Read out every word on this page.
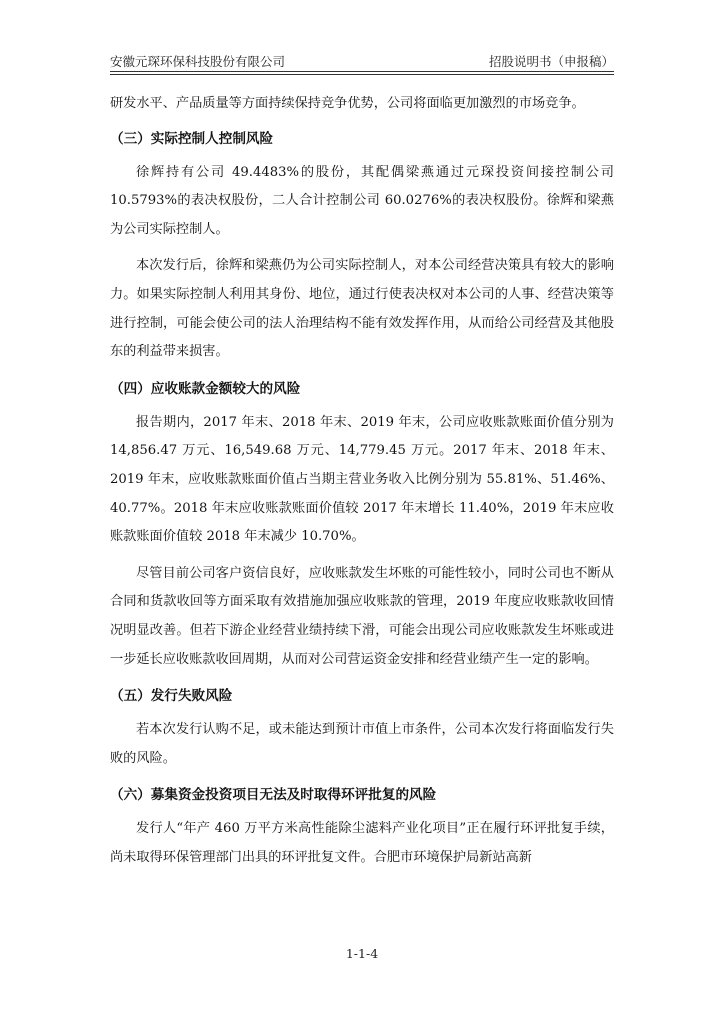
安徽元琛环保科技股份有限公司	招股说明书（申报稿）

研发水平、产品质量等方面持续保持竞争优势，公司将面临更加激烈的市场竞争。

（三）实际控制人控制风险

徐辉持有公司 49.4483%的股份，其配偶梁燕通过元琛投资间接控制公司 10.5793%的表决权股份，二人合计控制公司 60.0276%的表决权股份。徐辉和梁燕为公司实际控制人。

本次发行后，徐辉和梁燕仍为公司实际控制人，对本公司经营决策具有较大的影响力。如果实际控制人利用其身份、地位，通过行使表决权对本公司的人事、经营决策等进行控制，可能会使公司的法人治理结构不能有效发挥作用，从而给公司经营及其他股东的利益带来损害。

（四）应收账款金额较大的风险

报告期内，2017 年末、2018 年末、2019 年末，公司应收账款账面价值分别为 14,856.47 万元、16,549.68 万元、14,779.45 万元。2017 年末、2018 年末、2019 年末，应收账款账面价值占当期主营业务收入比例分别为 55.81%、51.46%、40.77%。2018 年末应收账款账面价值较 2017 年末增长 11.40%，2019 年末应收账款账面价值较 2018 年末减少 10.70%。

尽管目前公司客户资信良好，应收账款发生坏账的可能性较小，同时公司也不断从合同和货款收回等方面采取有效措施加强应收账款的管理，2019 年度应收账款收回情况明显改善。但若下游企业经营业绩持续下滑，可能会出现公司应收账款发生坏账或进一步延长应收账款收回周期，从而对公司营运资金安排和经营业绩产生一定的影响。

（五）发行失败风险

若本次发行认购不足，或未能达到预计市值上市条件，公司本次发行将面临发行失败的风险。

（六）募集资金投资项目无法及时取得环评批复的风险

发行人“年产 460 万平方米高性能除尘滤料产业化项目”正在履行环评批复手续，尚未取得环保管理部门出具的环评批复文件。合肥市环境保护局新站高新

1-1-4
